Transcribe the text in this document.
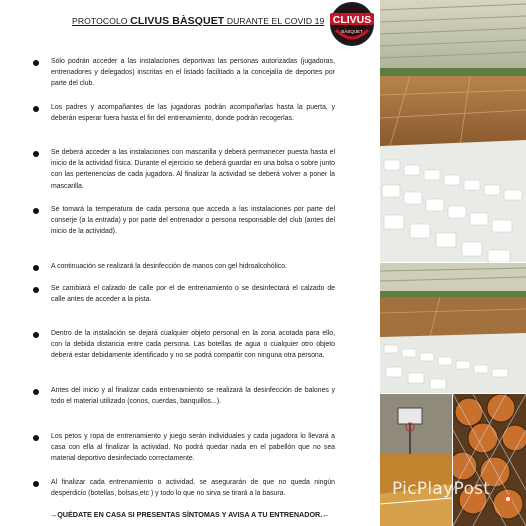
PROTOCOLO CLIVUS BÀSQUET DURANTE EL COVID 19 CLIVUS
BÀSQUET
Sólo podrán acceder a las instalaciones deportivas las personas autorizadas (jugadoras, entrenadores y delegados) inscritas en el listado facilitado a la concejalía de deportes por parte del club.
Los padres y acompañantes de las jugadoras podrán acompañarlas hasta la puerta, y deberán esperar fuera hasta el fin del entrenamiento, donde podrán recogerlas.
Se deberá acceder a las instalaciones con mascarilla y deberá permanecer puesta hasta el inicio de la actividad física. Durante el ejercicio se deberá guardar en una bolsa o sobre junto con las pertenencias de cada jugadora. Al finalizar la actividad se deberá volver a poner la mascarilla.
Se tomará la temperatura de cada persona que acceda a las instalaciones por parte del conserje (a la entrada) y por parte del entrenador o persona responsable del club (antes del inicio de la actividad).
A continuación se realizará la desinfección de manos con gel hidroalcohólico.
Se cambiará el calzado de calle por el de entrenamiento o se desinfectará el calzado de calle antes de acceder a la pista.
Dentro de la instalación se dejará cualquier objeto personal en la zona acotada para ello, con la debida distancia entre cada persona. Las botellas de agua o cualquier otro objeto deberá estar debidamente identificado y no se podrá compartir con ninguna otra persona.
Antes del inicio y al finalizar cada entrenamiento se realizará la desinfección de balones y todo el material utilizado (conos, cuerdas, banquillos...).
Los petos y ropa de entrenamiento y juego serán individuales y cada jugadora lo llevará a casa con ella al finalizar la actividad. No podrá quedar nada en el pabellón que no sea material deportivo desinfectado correctamente.
Al finalizar cada entrenamiento o actividad, se asegurarán de que no queda ningún desperdicio (botellas, bolsas,etc ) y todo lo que no sirva se tirará a la basura.
→QUÉDATE EN CASA SI PRESENTAS SÍNTOMAS Y AVISA A TU ENTRENADOR.←
PicPlayPost
